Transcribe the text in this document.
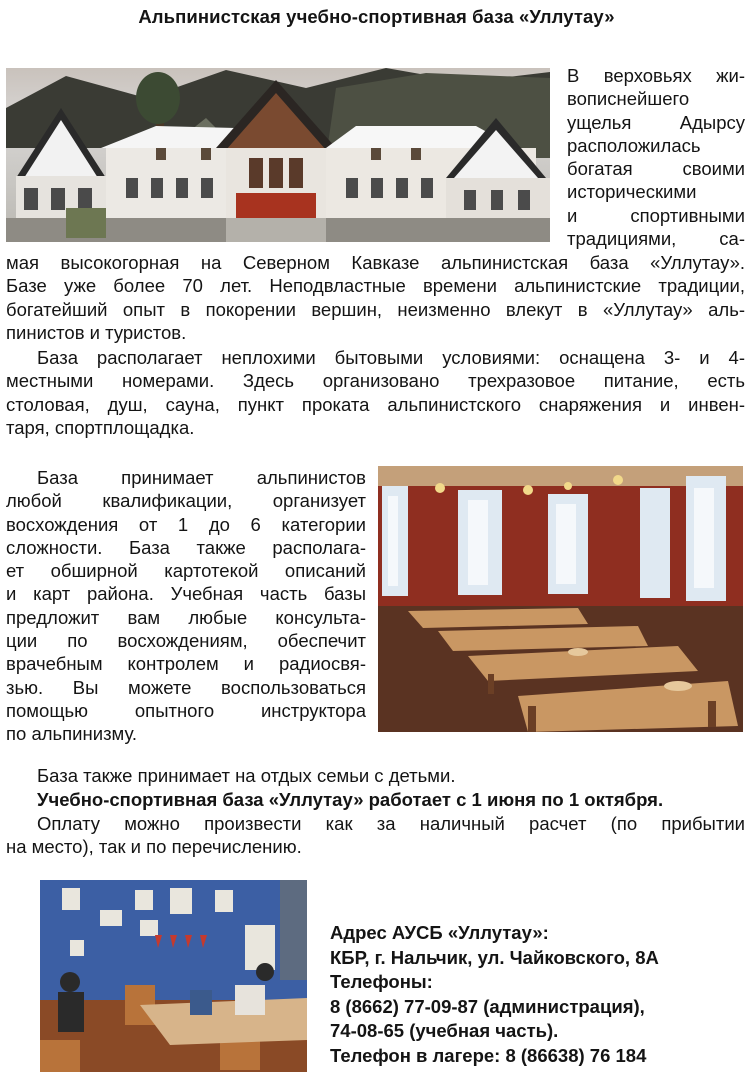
Альпинистская учебно-спортивная база «Уллутау»
В верховьях жи-
вописнейшего
ущелья Адырсу
расположилась
богатая своими
историческими
и спортивными
традициями, са-
мая высокогорная на Северном Кавказе альпинистская база «Уллутау».
Базе уже более 70 лет. Неподвластные времени альпинистские традиции,
богатейший опыт в покорении вершин, неизменно влекут в «Уллутау» аль-
пинистов и туристов.
База располагает неплохими бытовыми условиями: оснащена 3- и 4-
местными номерами. Здесь организовано трехразовое питание, есть
столовая, душ, сауна, пункт проката альпинистского снаряжения и инвен-
таря, спортплощадка.
База принимает альпинистов
любой квалификации, организует
восхождения от 1 до 6 категории
сложности. База также располага-
ет обширной картотекой описаний
и карт района. Учебная часть базы
предложит вам любые консульта-
ции по восхождениям, обеспечит
врачебным контролем и радиосвя-
зью. Вы можете воспользоваться
помощью опытного инструктора
по альпинизму.
База также принимает на отдых семьи с детьми.
Учебно-спортивная база «Уллутау» работает с 1 июня по 1 октября.
Оплату можно произвести как за наличный расчет (по прибытии
на место), так и по перечислению.
Адрес АУСБ «Уллутау»:
КБР, г. Нальчик, ул. Чайковского, 8А
Телефоны:
8 (8662) 77-09-87 (администрация),
74-08-65 (учебная часть).
Телефон в лагере: 8 (86638) 76 184
